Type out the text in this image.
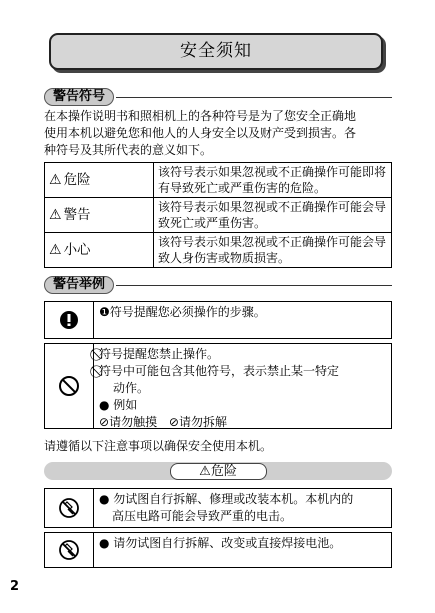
安全须知
警告符号

在本操作说明书和照相机上的各种符号是为了您安全正确地

使用本机以避免您和他人的人身安全以及财产受到损害。各

种符号及其所代表的意义如下。

⚠ 危险	该符号表示如果忽视或不正确操作可能即将
有导致死亡或严重伤害的危险。

⚠ 警告	该符号表示如果忽视或不正确操作可能会导
致死亡或严重伤害。

⚠ 小心	该符号表示如果忽视或不正确操作可能会导
致人身伤害或物质损害。
警告举例
❶符号提醒您必须操作的步骤。
符号提醒您禁止操作。
符号中可能包含其他符号，表示禁止某一特定
动作。
● 例如
⊘请勿触摸 ⊘请勿拆解
请遵循以下注意事项以确保安全使用本机。
⚠ 危险
● 勿试图自行拆解、修理或改装本机。本机内的
高压电路可能会导致严重的电击。
● 请勿试图自行拆解、改变或直接焊接电池。
2
